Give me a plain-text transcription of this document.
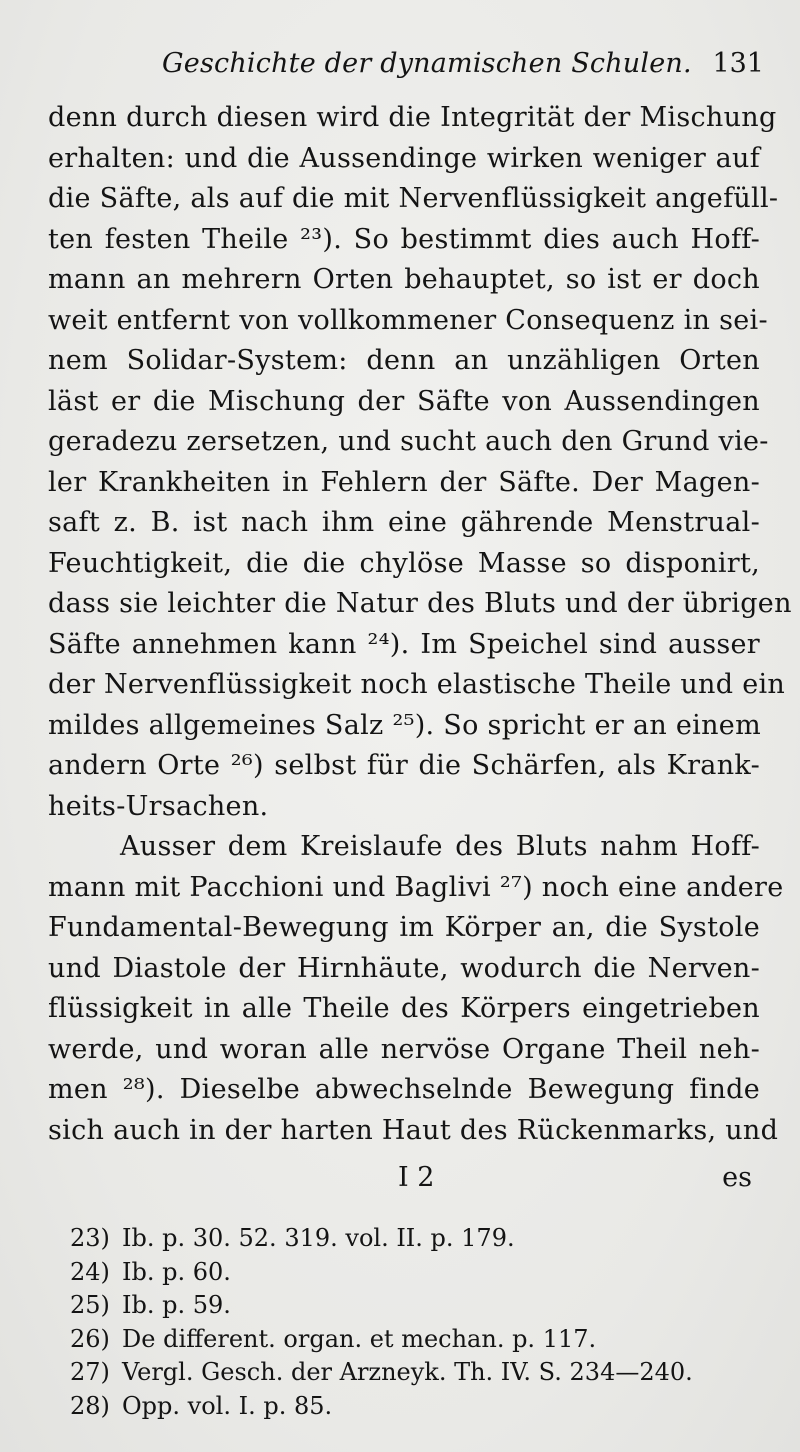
Geschichte der dynamischen Schulen. 131
denn durch diesen wird die Integrität der Mischung
erhalten: und die Aussendinge wirken weniger auf
die Säfte, als auf die mit Nervenflüssigkeit angefüll-
ten festen Theile ²³). So bestimmt dies auch Hoff-
mann an mehrern Orten behauptet, so ist er doch
weit entfernt von vollkommener Consequenz in sei-
nem Solidar-System: denn an unzähligen Orten
läst er die Mischung der Säfte von Aussendingen
geradezu zersetzen, und sucht auch den Grund vie-
ler Krankheiten in Fehlern der Säfte. Der Magen-
saft z. B. ist nach ihm eine gährende Menstrual-
Feuchtigkeit, die die chylöse Masse so disponirt,
dass sie leichter die Natur des Bluts und der übrigen
Säfte annehmen kann ²⁴). Im Speichel sind ausser
der Nervenflüssigkeit noch elastische Theile und ein
mildes allgemeines Salz ²⁵). So spricht er an einem
andern Orte ²⁶) selbst für die Schärfen, als Krank-
heits-Ursachen.
Ausser dem Kreislaufe des Bluts nahm Hoff-
mann mit Pacchioni und Baglivi ²⁷) noch eine andere
Fundamental-Bewegung im Körper an, die Systole
und Diastole der Hirnhäute, wodurch die Nerven-
flüssigkeit in alle Theile des Körpers eingetrieben
werde, und woran alle nervöse Organe Theil neh-
men ²⁸). Dieselbe abwechselnde Bewegung finde
sich auch in der harten Haut des Rückenmarks, und
I 2	es
23) Ib. p. 30. 52. 319. vol. II. p. 179.
24) Ib. p. 60.
25) Ib. p. 59.
26) De different. organ. et mechan. p. 117.
27) Vergl. Gesch. der Arzneyk. Th. IV. S. 234—240.
28) Opp. vol. I. p. 85.
